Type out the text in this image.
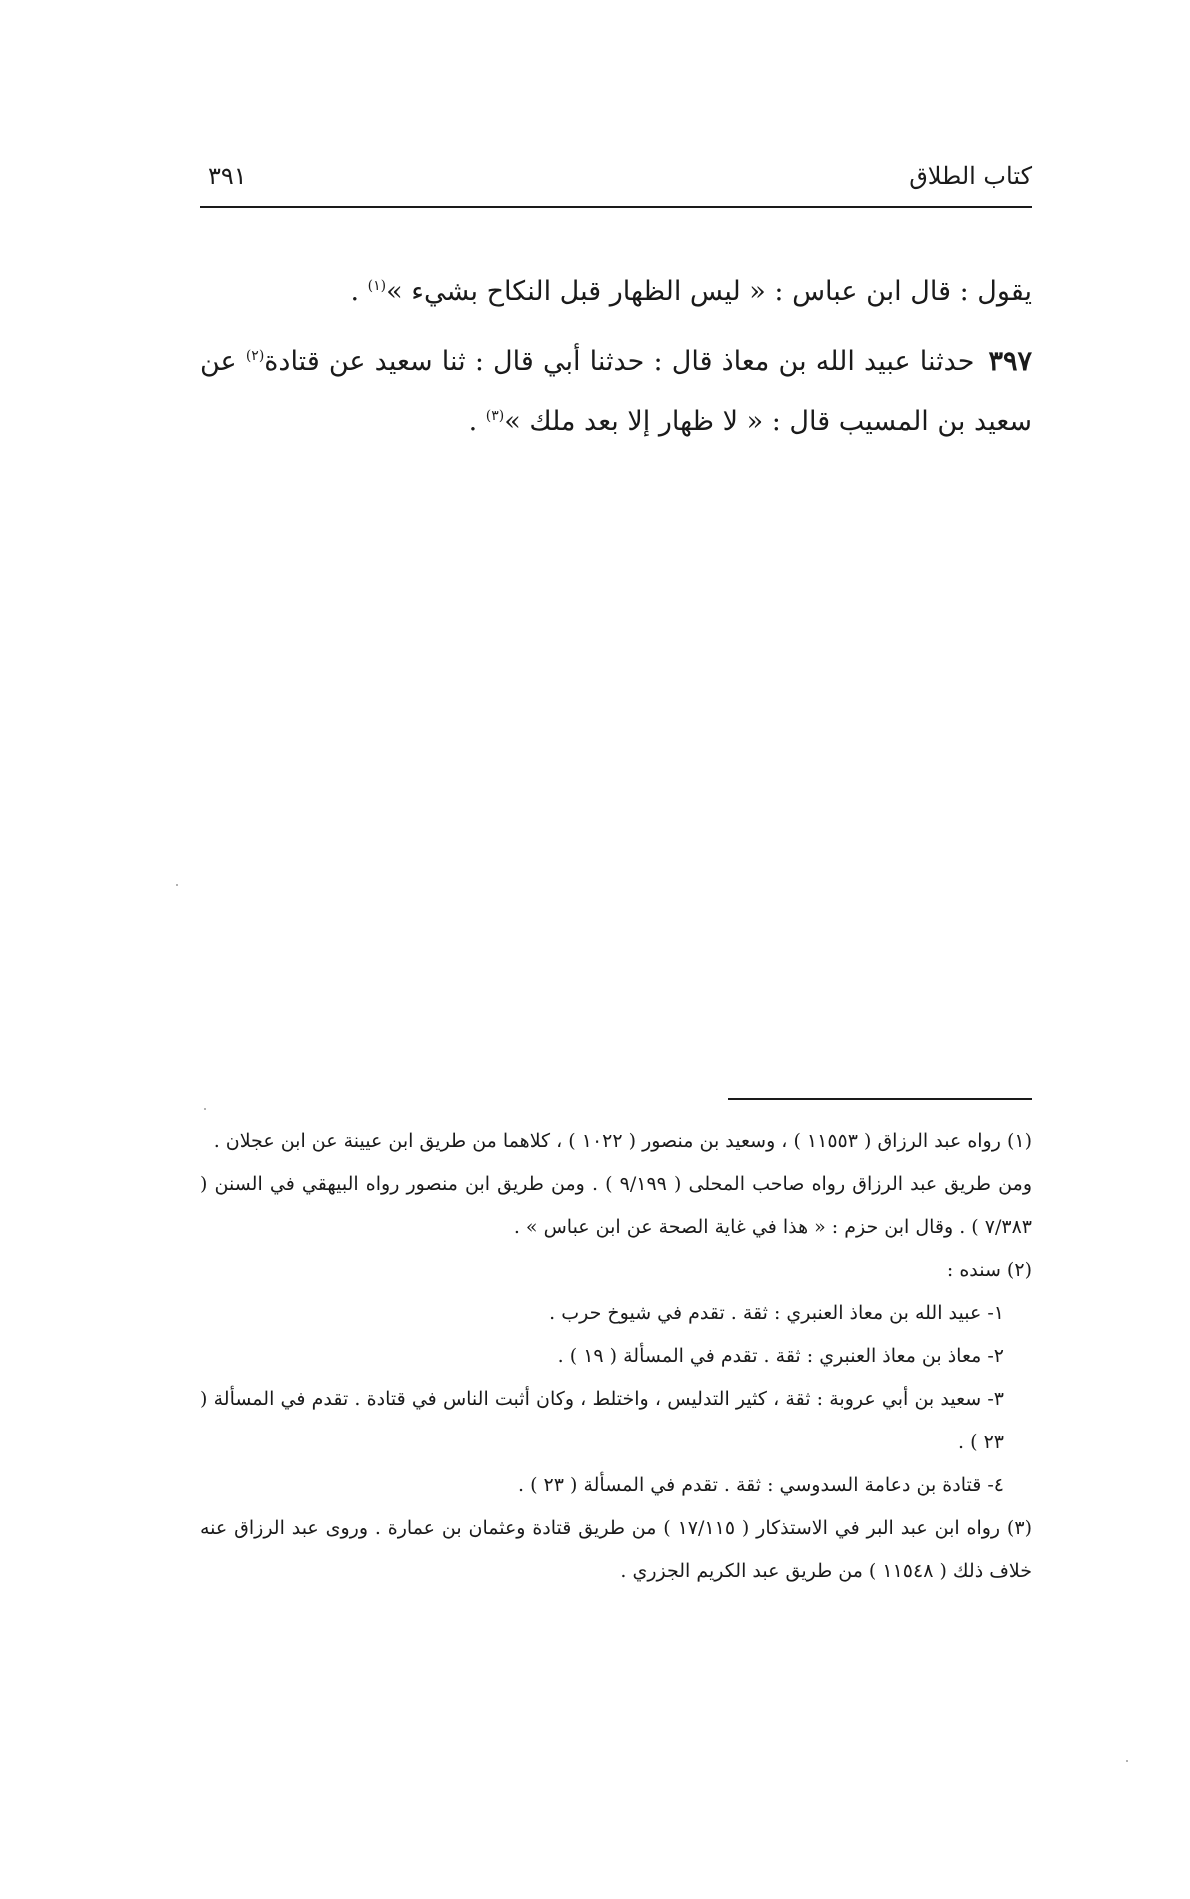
كتاب الطلاق
٣٩١

يقول : قال ابن عباس : « ليس الظهار قبل النكاح بشيء »$^{(١)}$ .

٣٩٧حدثنا عبيد الله بن معاذ قال : حدثنا أبي قال : ثنا سعيد عن قتادة$^{(٢)}$ عن سعيد بن المسيب قال : « لا ظهار إلا بعد ملك »$^{(٣)}$ .

(١) رواه عبد الرزاق ( ١١٥٥٣ ) ، وسعيد بن منصور ( ١٠٢٢ ) ، كلاهما من طريق ابن عيينة عن ابن عجلان .

ومن طريق عبد الرزاق رواه صاحب المحلى ( ٩/١٩٩ ) . ومن طريق ابن منصور رواه البيهقي في السنن ( ٧/٣٨٣ ) . وقال ابن حزم : « هذا في غاية الصحة عن ابن عباس » .

(٢) سنده :

١- عبيد الله بن معاذ العنبري : ثقة . تقدم في شيوخ حرب .

٢- معاذ بن معاذ العنبري : ثقة . تقدم في المسألة ( ١٩ ) .

٣- سعيد بن أبي عروبة : ثقة ، كثير التدليس ، واختلط ، وكان أثبت الناس في قتادة . تقدم في المسألة ( ٢٣ ) .

٤- قتادة بن دعامة السدوسي : ثقة . تقدم في المسألة ( ٢٣ ) .

(٣) رواه ابن عبد البر في الاستذكار ( ١٧/١١٥ ) من طريق قتادة وعثمان بن عمارة . وروى عبد الرزاق عنه خلاف ذلك ( ١١٥٤٨ ) من طريق عبد الكريم الجزري .
